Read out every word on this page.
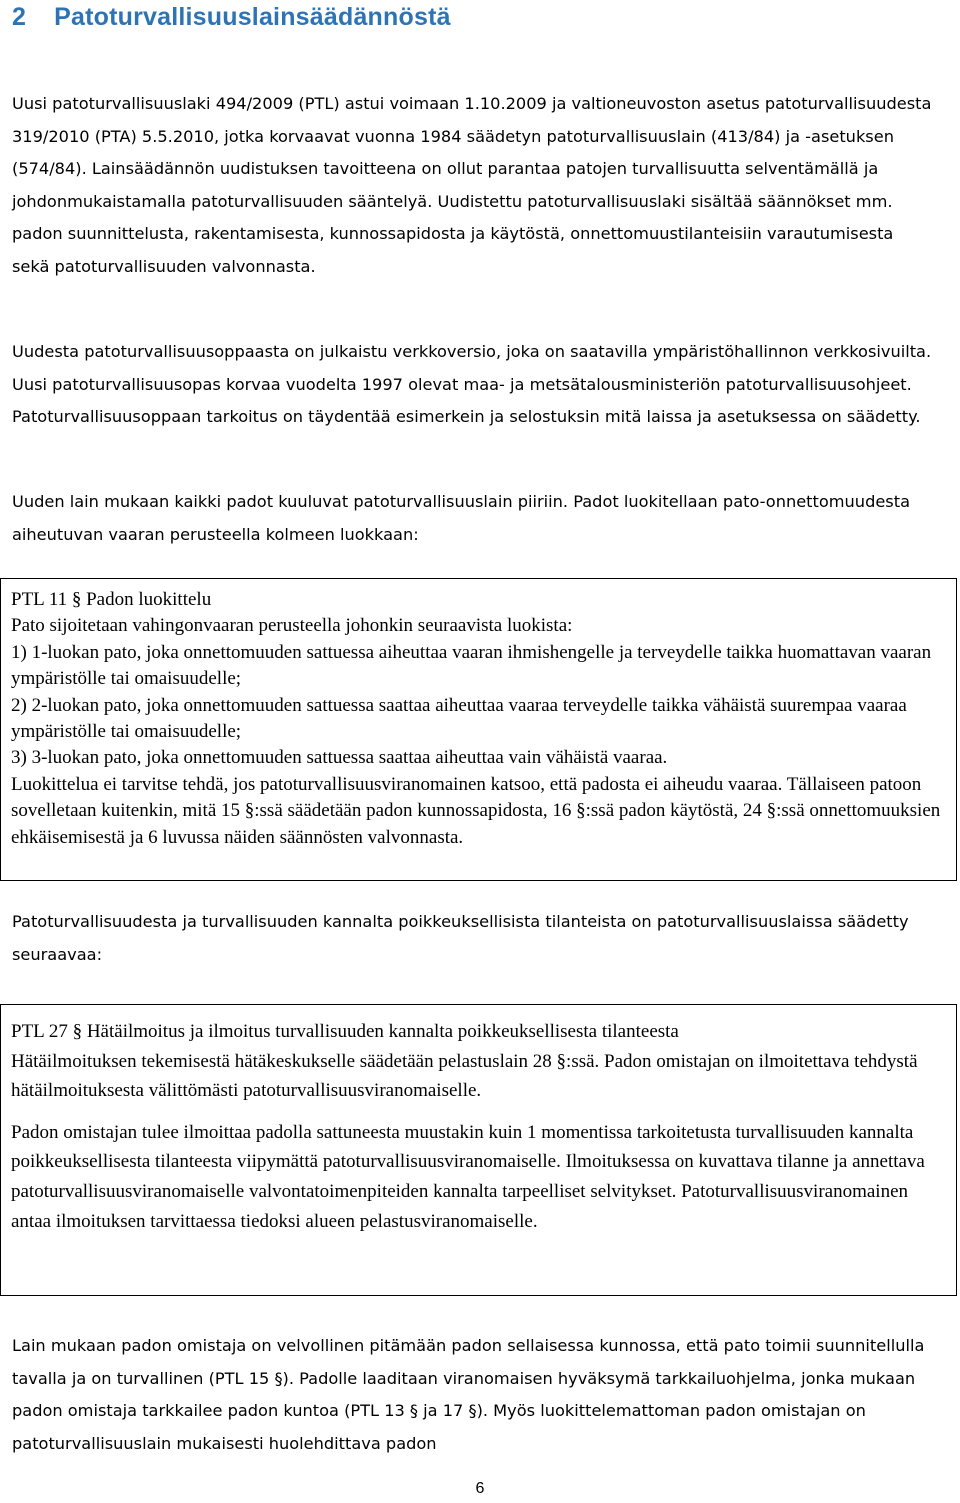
2 Patoturvallisuuslainsäädännöstä

Uusi patoturvallisuuslaki 494/2009 (PTL) astui voimaan 1.10.2009 ja valtioneuvoston asetus patoturvallisuudesta 319/2010 (PTA) 5.5.2010, jotka korvaavat vuonna 1984 säädetyn patoturvallisuuslain (413/84) ja -asetuksen (574/84). Lainsäädännön uudistuksen tavoitteena on ollut parantaa patojen turvallisuutta selventämällä ja johdonmukaistamalla patoturvallisuuden sääntelyä. Uudistettu patoturvallisuuslaki sisältää säännökset mm. padon suunnittelusta, rakentamisesta, kunnossapidosta ja käytöstä, onnettomuustilanteisiin varautumisesta sekä patoturvallisuuden valvonnasta.

Uudesta patoturvallisuusoppaasta on julkaistu verkkoversio, joka on saatavilla ympäristöhallinnon verkkosivuilta. Uusi patoturvallisuusopas korvaa vuodelta 1997 olevat maa- ja metsätalousministeriön patoturvallisuusohjeet. Patoturvallisuusoppaan tarkoitus on täydentää esimerkein ja selostuksin mitä laissa ja asetuksessa on säädetty.

Uuden lain mukaan kaikki padot kuuluvat patoturvallisuuslain piiriin. Padot luokitellaan pato-onnettomuudesta aiheutuvan vaaran perusteella kolmeen luokkaan:

PTL 11 § Padon luokittelu

Pato sijoitetaan vahingonvaaran perusteella johonkin seuraavista luokista:

1) 1-luokan pato, joka onnettomuuden sattuessa aiheuttaa vaaran ihmishengelle ja terveydelle taikka huomattavan vaaran ympäristölle tai omaisuudelle;

2) 2-luokan pato, joka onnettomuuden sattuessa saattaa aiheuttaa vaaraa terveydelle taikka vähäistä suurempaa vaaraa ympäristölle tai omaisuudelle;

3) 3-luokan pato, joka onnettomuuden sattuessa saattaa aiheuttaa vain vähäistä vaaraa.

Luokittelua ei tarvitse tehdä, jos patoturvallisuusviranomainen katsoo, että padosta ei aiheudu vaaraa. Tällaiseen patoon sovelletaan kuitenkin, mitä 15 §:ssä säädetään padon kunnossapidosta, 16 §:ssä padon käytöstä, 24 §:ssä onnettomuuksien ehkäisemisestä ja 6 luvussa näiden säännösten valvonnasta.

Patoturvallisuudesta ja turvallisuuden kannalta poikkeuksellisista tilanteista on patoturvallisuuslaissa säädetty seuraavaa:

PTL 27 § Hätäilmoitus ja ilmoitus turvallisuuden kannalta poikkeuksellisesta tilanteesta

Hätäilmoituksen tekemisestä hätäkeskukselle säädetään pelastuslain 28 §:ssä. Padon omistajan on ilmoitettava tehdystä hätäilmoituksesta välittömästi patoturvallisuusviranomaiselle.

Padon omistajan tulee ilmoittaa padolla sattuneesta muustakin kuin 1 momentissa tarkoitetusta turvallisuuden kannalta poikkeuksellisesta tilanteesta viipymättä patoturvallisuusviranomaiselle. Ilmoituksessa on kuvattava tilanne ja annettava patoturvallisuusviranomaiselle valvontatoimenpiteiden kannalta tarpeelliset selvitykset. Patoturvallisuusviranomainen antaa ilmoituksen tarvittaessa tiedoksi alueen pelastusviranomaiselle.

Lain mukaan padon omistaja on velvollinen pitämään padon sellaisessa kunnossa, että pato toimii suunnitellulla tavalla ja on turvallinen (PTL 15 §). Padolle laaditaan viranomaisen hyväksymä tarkkailuohjelma, jonka mukaan padon omistaja tarkkailee padon kuntoa (PTL 13 § ja 17 §). Myös luokittelemattoman padon omistajan on patoturvallisuuslain mukaisesti huolehdittava padon

6
